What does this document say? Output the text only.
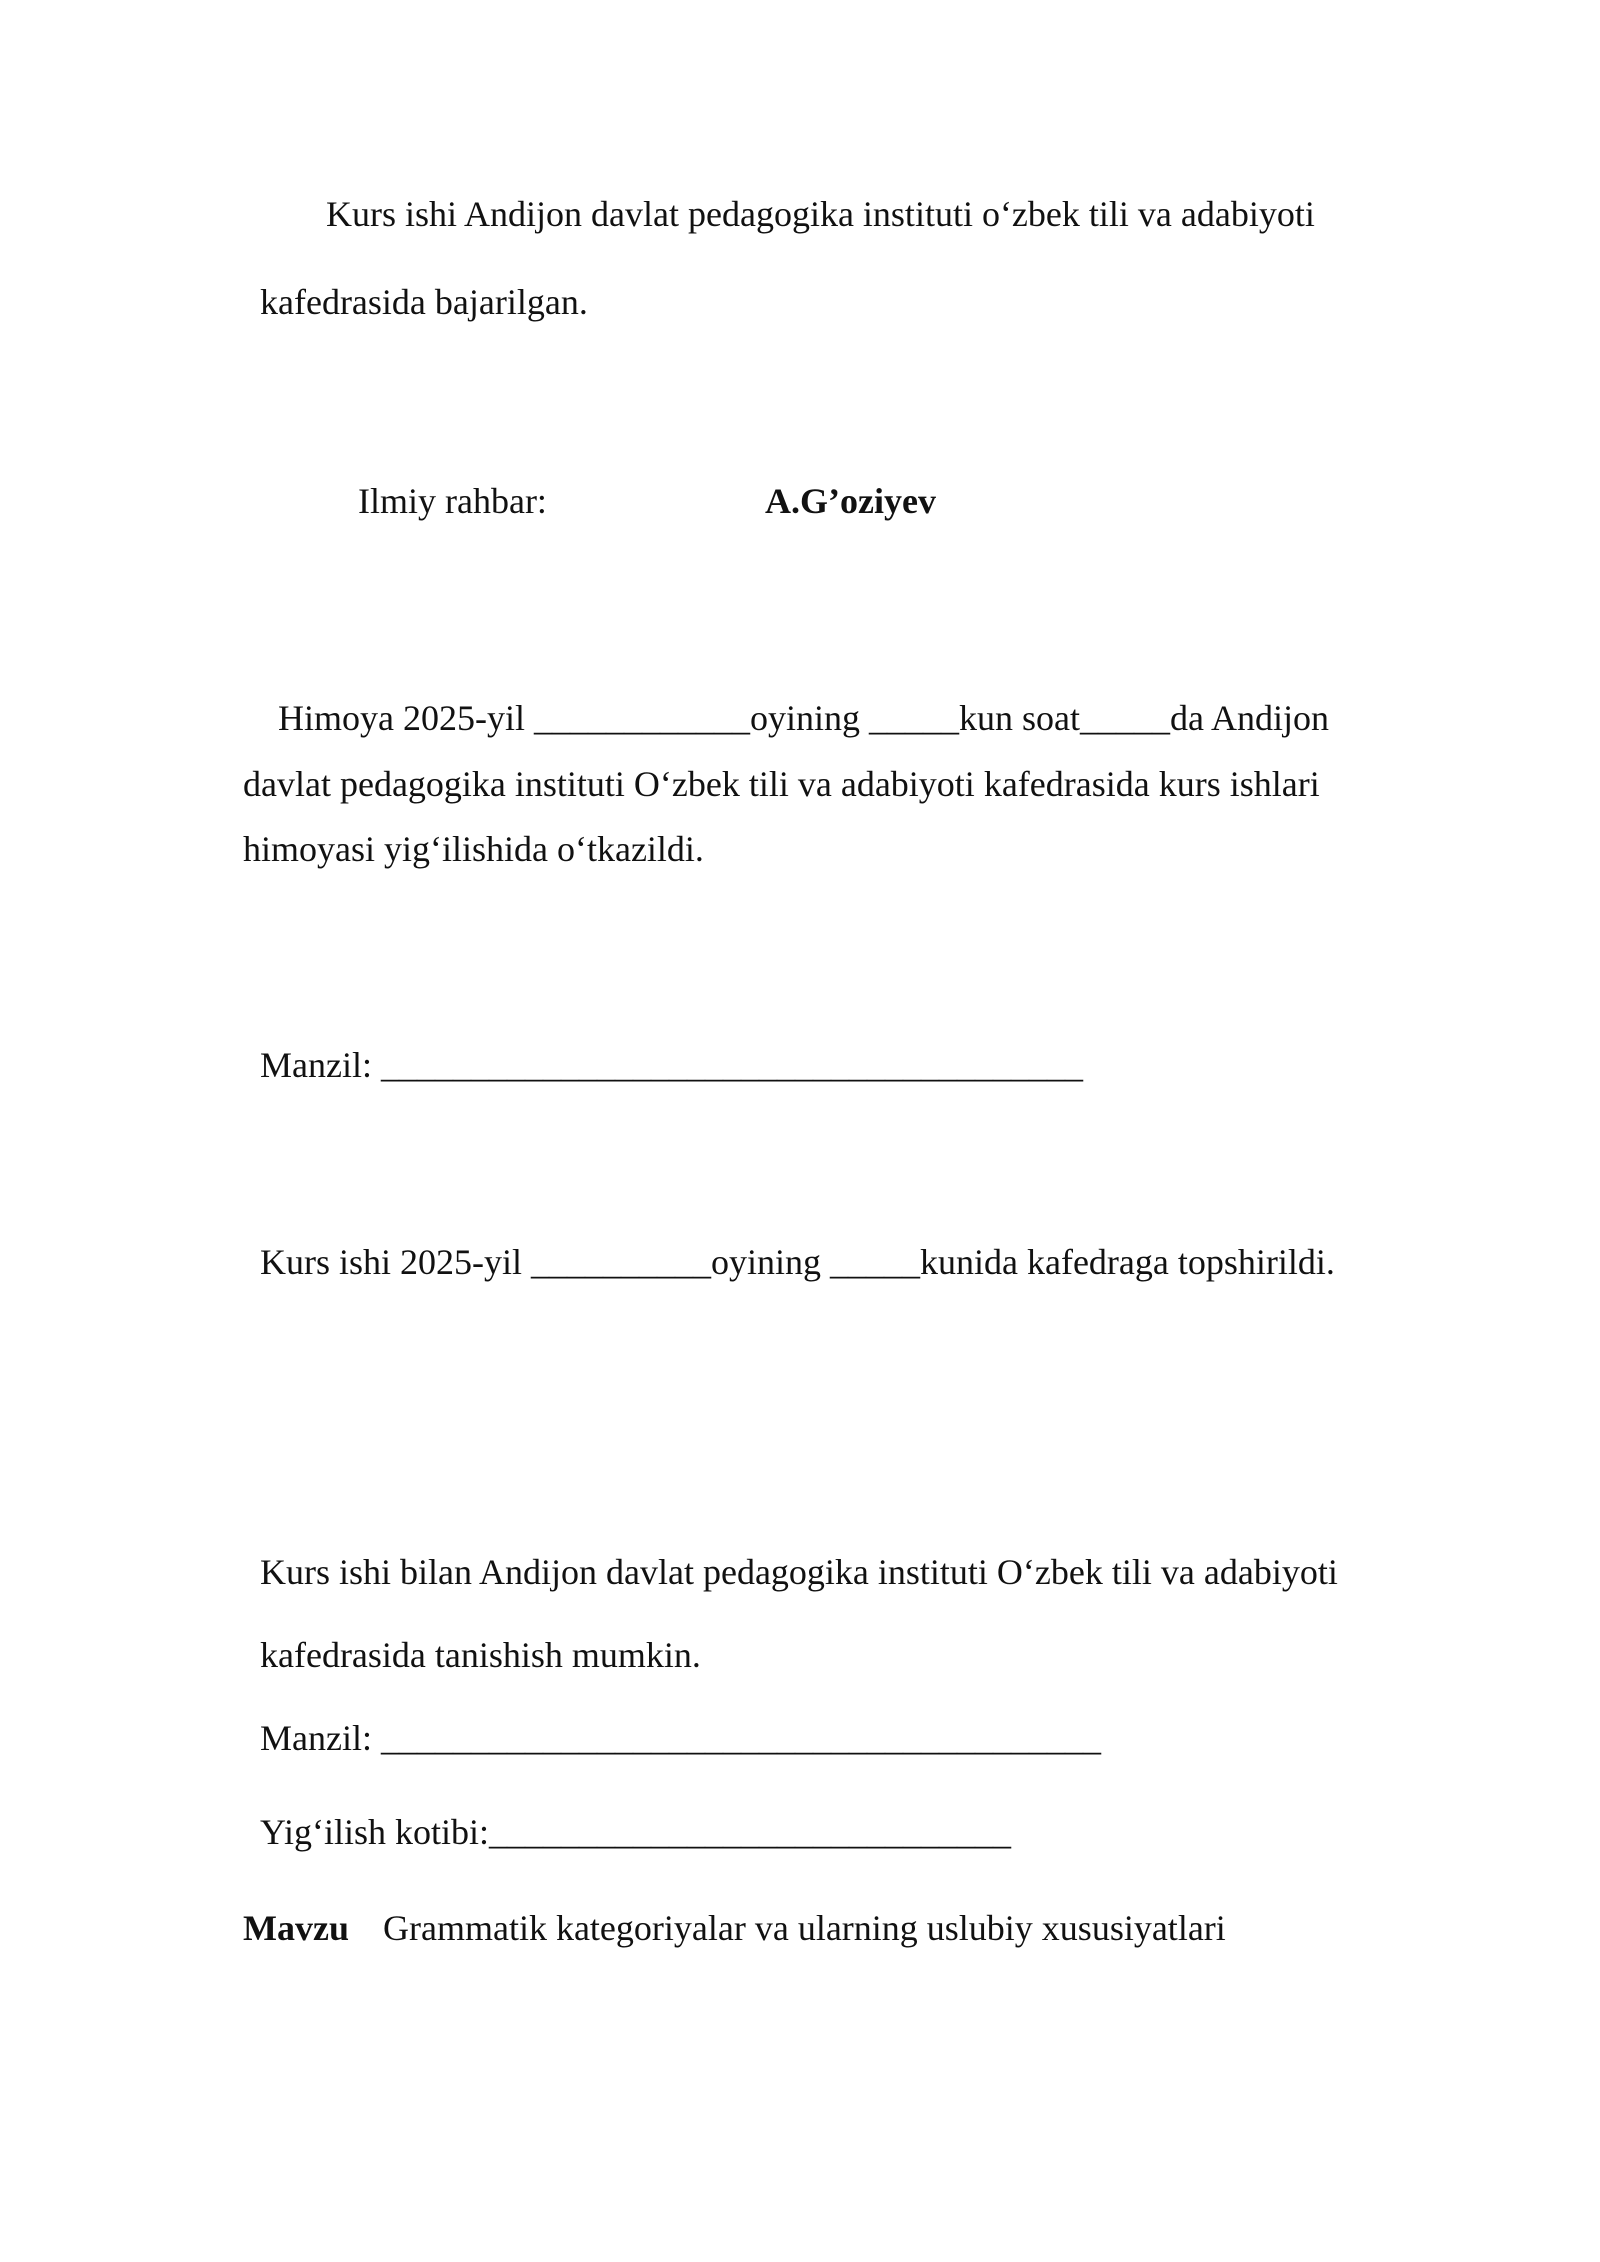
Kurs ishi Andijon davlat pedagogika instituti o‘zbek tili va adabiyoti

kafedrasida bajarilgan.

Ilmiy rahbar:	A.G’oziyev

Himoya 2025-yil ____________oyining _____kun soat_____da Andijon

davlat pedagogika instituti O‘zbek tili va adabiyoti kafedrasida kurs ishlari

himoyasi yig‘ilishida o‘tkazildi.

Manzil: _______________________________________

Kurs ishi 2025-yil __________oyining _____kunida kafedraga topshirildi.

Kurs ishi bilan Andijon davlat pedagogika instituti O‘zbek tili va adabiyoti

kafedrasida tanishish mumkin.

Manzil: ________________________________________

Yig‘ilish kotibi:_____________________________

Mavzu Grammatik kategoriyalar va ularning uslubiy xususiyatlari
